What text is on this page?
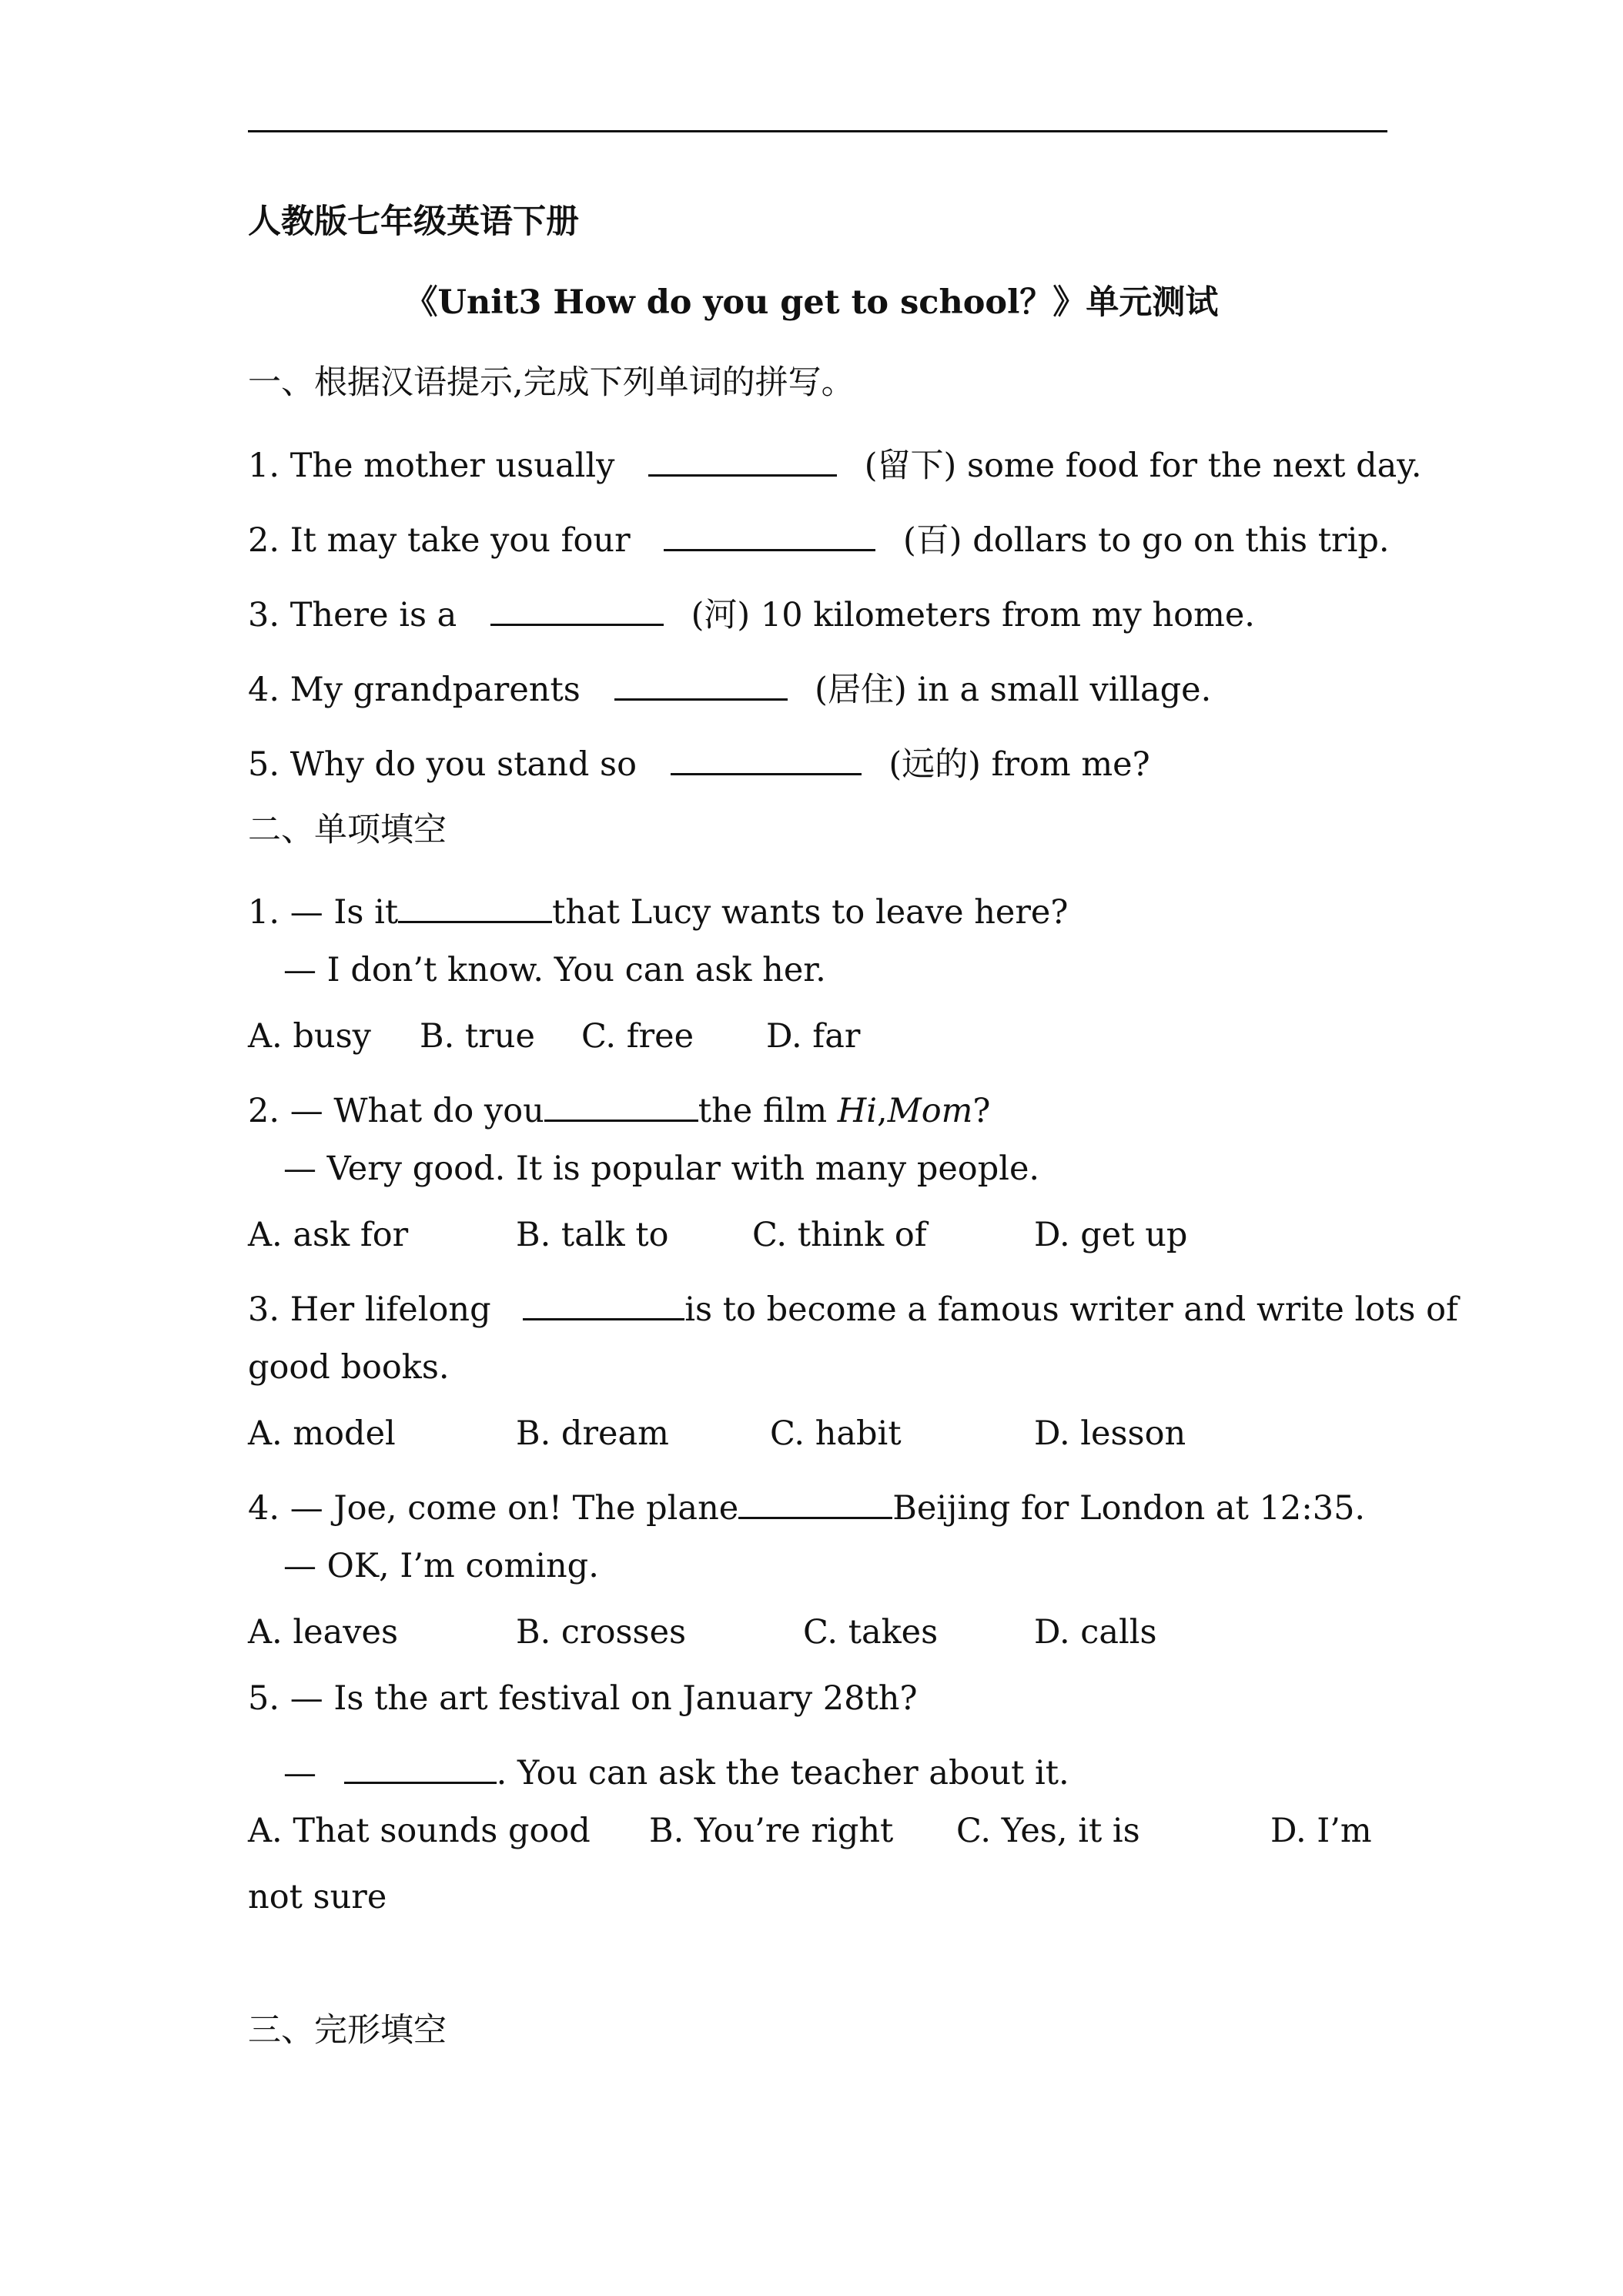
人教版七年级英语下册
《Unit3 How do you get to school？》单元测试
一、根据汉语提示,完成下列单词的拼写。
1. The mother usually	(留下) some food for the next day.
2. It may take you four	(百) dollars to go on this trip.
3. There is a	(河) 10 kilometers from my home.
4. My grandparents	(居住) in a small village.
5. Why do you stand so	(远的) from me?
二、单项填空
1. — Is it	that Lucy wants to leave here?
— I don’t know. You can ask her.
A. busy B. true C. free D. far
2. — What do you	the film Hi,Mom?
— Very good. It is popular with many people.
A. ask for	B. talk to	C. think of	D. get up
3. Her lifelong	is to become a famous writer and write lots of
good books.
A. model	B. dream	C. habit	D. lesson
4. — Joe, come on! The plane	Beijing for London at 12:35.
— OK, I’m coming.
A. leaves	B. crosses	C. takes	D. calls
5. — Is the art festival on January 28th?
—	. You can ask the teacher about it.
A. That sounds good B. You’re right C. Yes, it is	D. I’m
not sure
三、完形填空
